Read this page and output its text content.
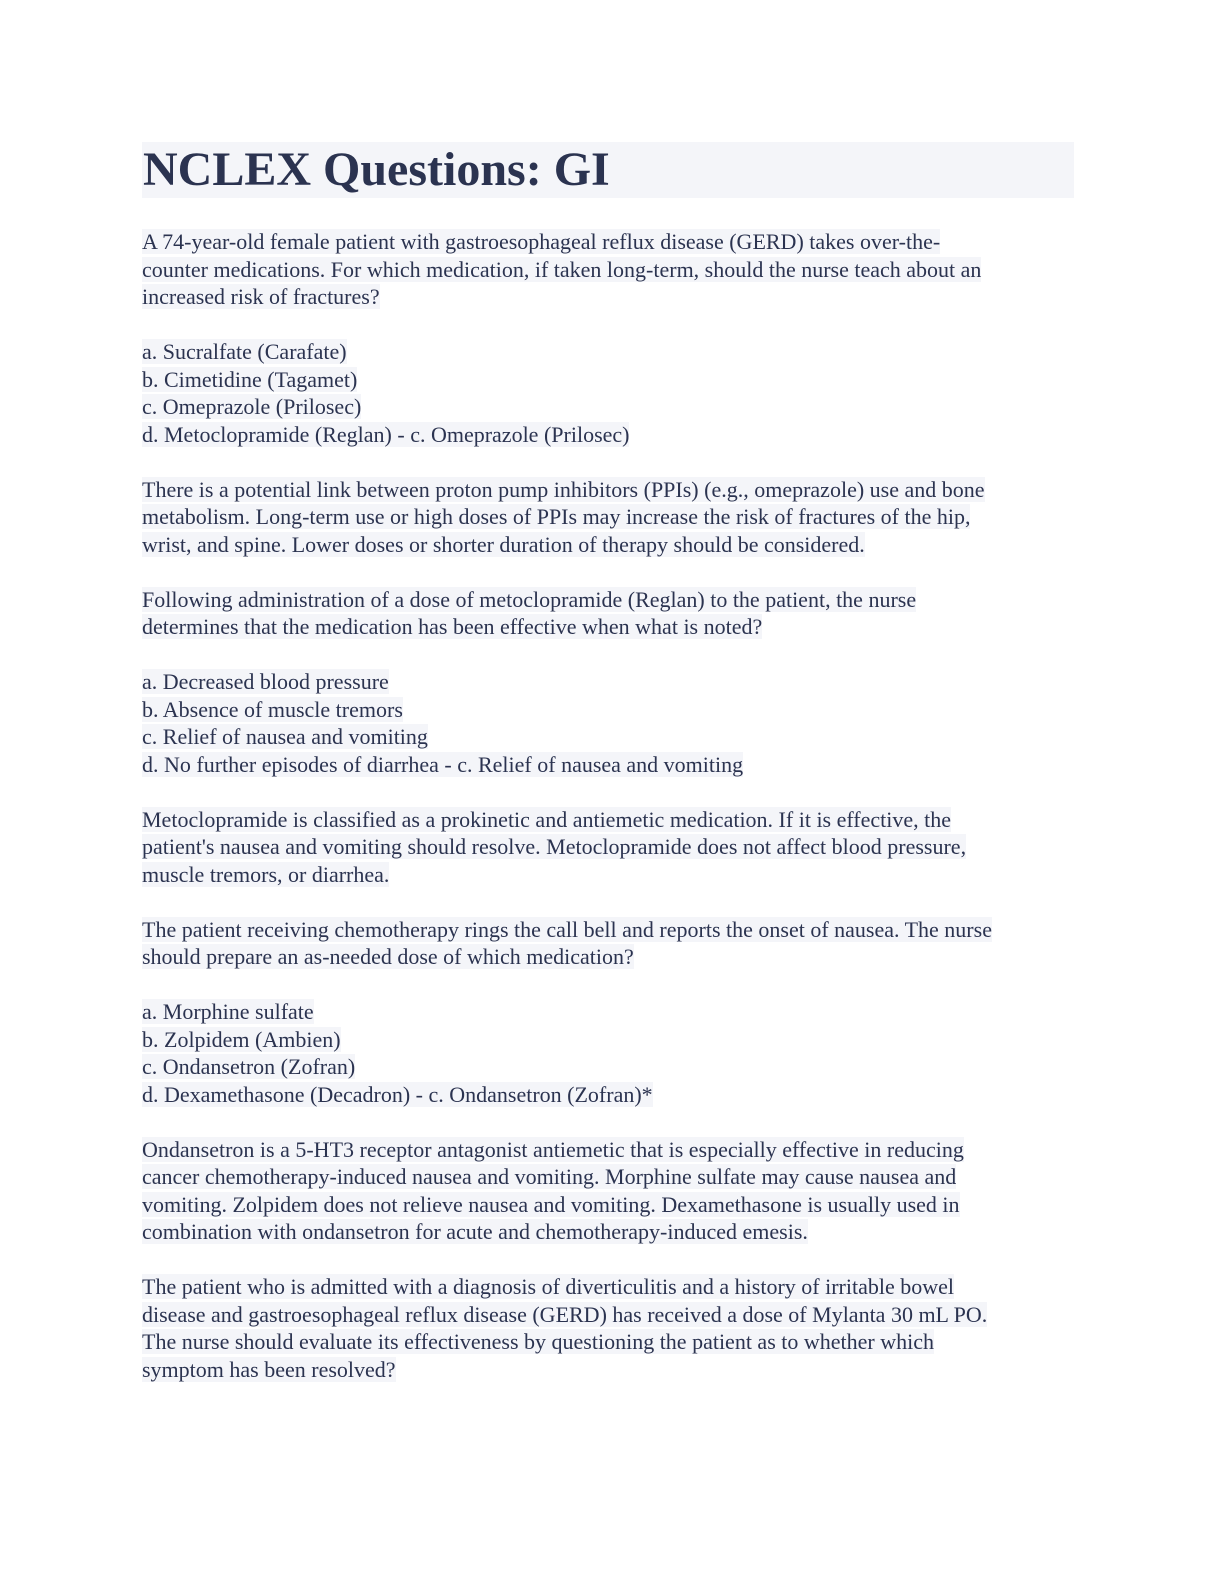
NCLEX Questions: GI
A 74-year-old female patient with gastroesophageal reflux disease (GERD) takes over-the-
counter medications. For which medication, if taken long-term, should the nurse teach about an
increased risk of fractures?
a. Sucralfate (Carafate)
b. Cimetidine (Tagamet)
c. Omeprazole (Prilosec)
d. Metoclopramide (Reglan) - c. Omeprazole (Prilosec)
There is a potential link between proton pump inhibitors (PPIs) (e.g., omeprazole) use and bone
metabolism. Long-term use or high doses of PPIs may increase the risk of fractures of the hip,
wrist, and spine. Lower doses or shorter duration of therapy should be considered.
Following administration of a dose of metoclopramide (Reglan) to the patient, the nurse
determines that the medication has been effective when what is noted?
a. Decreased blood pressure
b. Absence of muscle tremors
c. Relief of nausea and vomiting
d. No further episodes of diarrhea - c. Relief of nausea and vomiting
Metoclopramide is classified as a prokinetic and antiemetic medication. If it is effective, the
patient's nausea and vomiting should resolve. Metoclopramide does not affect blood pressure,
muscle tremors, or diarrhea.
The patient receiving chemotherapy rings the call bell and reports the onset of nausea. The nurse
should prepare an as-needed dose of which medication?
a. Morphine sulfate
b. Zolpidem (Ambien)
c. Ondansetron (Zofran)
d. Dexamethasone (Decadron) - c. Ondansetron (Zofran)*
Ondansetron is a 5-HT3 receptor antagonist antiemetic that is especially effective in reducing
cancer chemotherapy-induced nausea and vomiting. Morphine sulfate may cause nausea and
vomiting. Zolpidem does not relieve nausea and vomiting. Dexamethasone is usually used in
combination with ondansetron for acute and chemotherapy-induced emesis.
The patient who is admitted with a diagnosis of diverticulitis and a history of irritable bowel
disease and gastroesophageal reflux disease (GERD) has received a dose of Mylanta 30 mL PO.
The nurse should evaluate its effectiveness by questioning the patient as to whether which
symptom has been resolved?
